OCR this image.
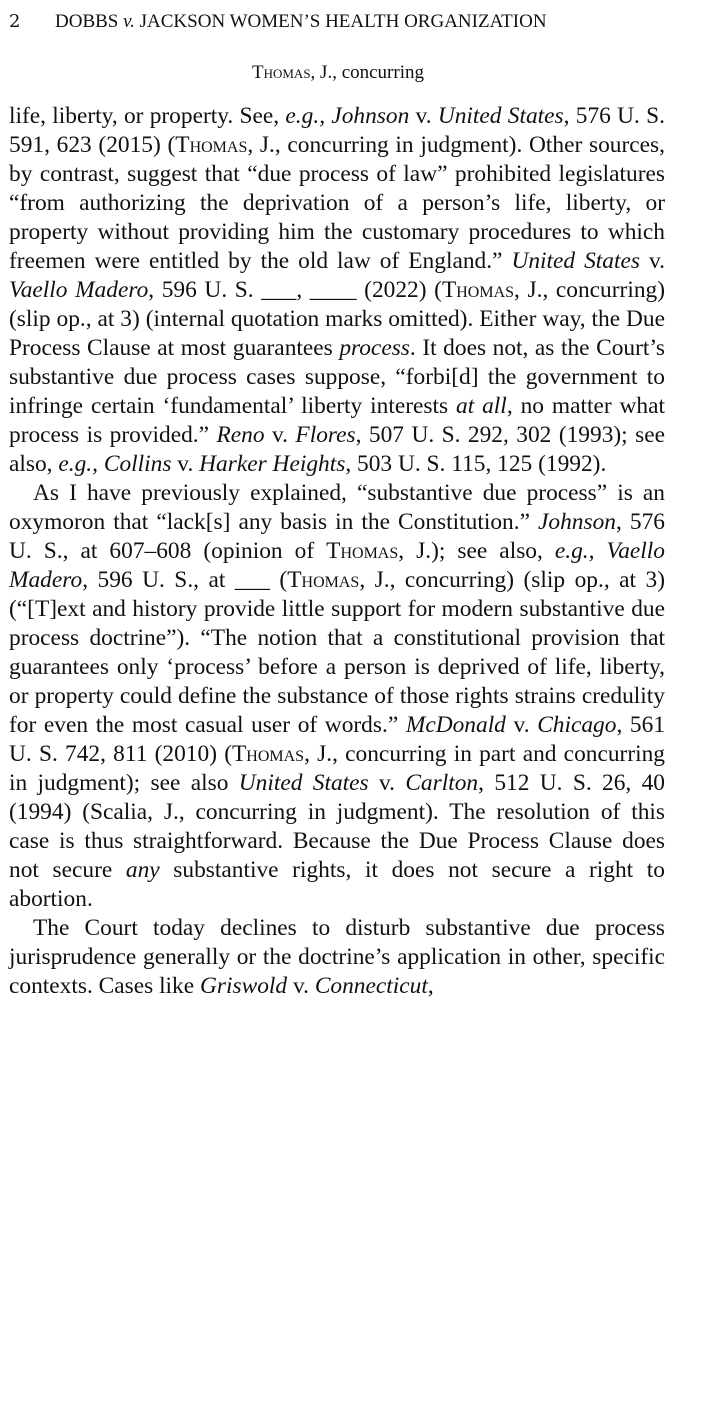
2 DOBBS v. JACKSON WOMEN’S HEALTH ORGANIZATION
Thomas, J., concurring

life, liberty, or property. See, e.g., Johnson v. United States, 576 U. S. 591, 623 (2015) (Thomas, J., concurring in judgment). Other sources, by contrast, suggest that “due process of law” prohibited legislatures “from authorizing the deprivation of a person’s life, liberty, or property without providing him the customary procedures to which freemen were entitled by the old law of England.” United States v. Vaello Madero, 596 U. S. ___, ____ (2022) (Thomas, J., concurring) (slip op., at 3) (internal quotation marks omitted). Either way, the Due Process Clause at most guarantees process. It does not, as the Court’s substantive due process cases suppose, “forbi[d] the government to infringe certain ‘fundamental’ liberty interests at all, no matter what process is provided.” Reno v. Flores, 507 U. S. 292, 302 (1993); see also, e.g., Collins v. Harker Heights, 503 U. S. 115, 125 (1992).

As I have previously explained, “substantive due process” is an oxymoron that “lack[s] any basis in the Constitution.” Johnson, 576 U. S., at 607–608 (opinion of Thomas, J.); see also, e.g., Vaello Madero, 596 U. S., at ___ (Thomas, J., concurring) (slip op., at 3) (“[T]ext and history provide little support for modern substantive due process doctrine”). “The notion that a constitutional provision that guarantees only ‘process’ before a person is deprived of life, liberty, or property could define the substance of those rights strains credulity for even the most casual user of words.” McDonald v. Chicago, 561 U. S. 742, 811 (2010) (Thomas, J., concurring in part and concurring in judgment); see also United States v. Carlton, 512 U. S. 26, 40 (1994) (Scalia, J., concurring in judgment). The resolution of this case is thus straightforward. Because the Due Process Clause does not secure any substantive rights, it does not secure a right to abortion.

The Court today declines to disturb substantive due process jurisprudence generally or the doctrine’s application in other, specific contexts. Cases like Griswold v. Connecticut,
